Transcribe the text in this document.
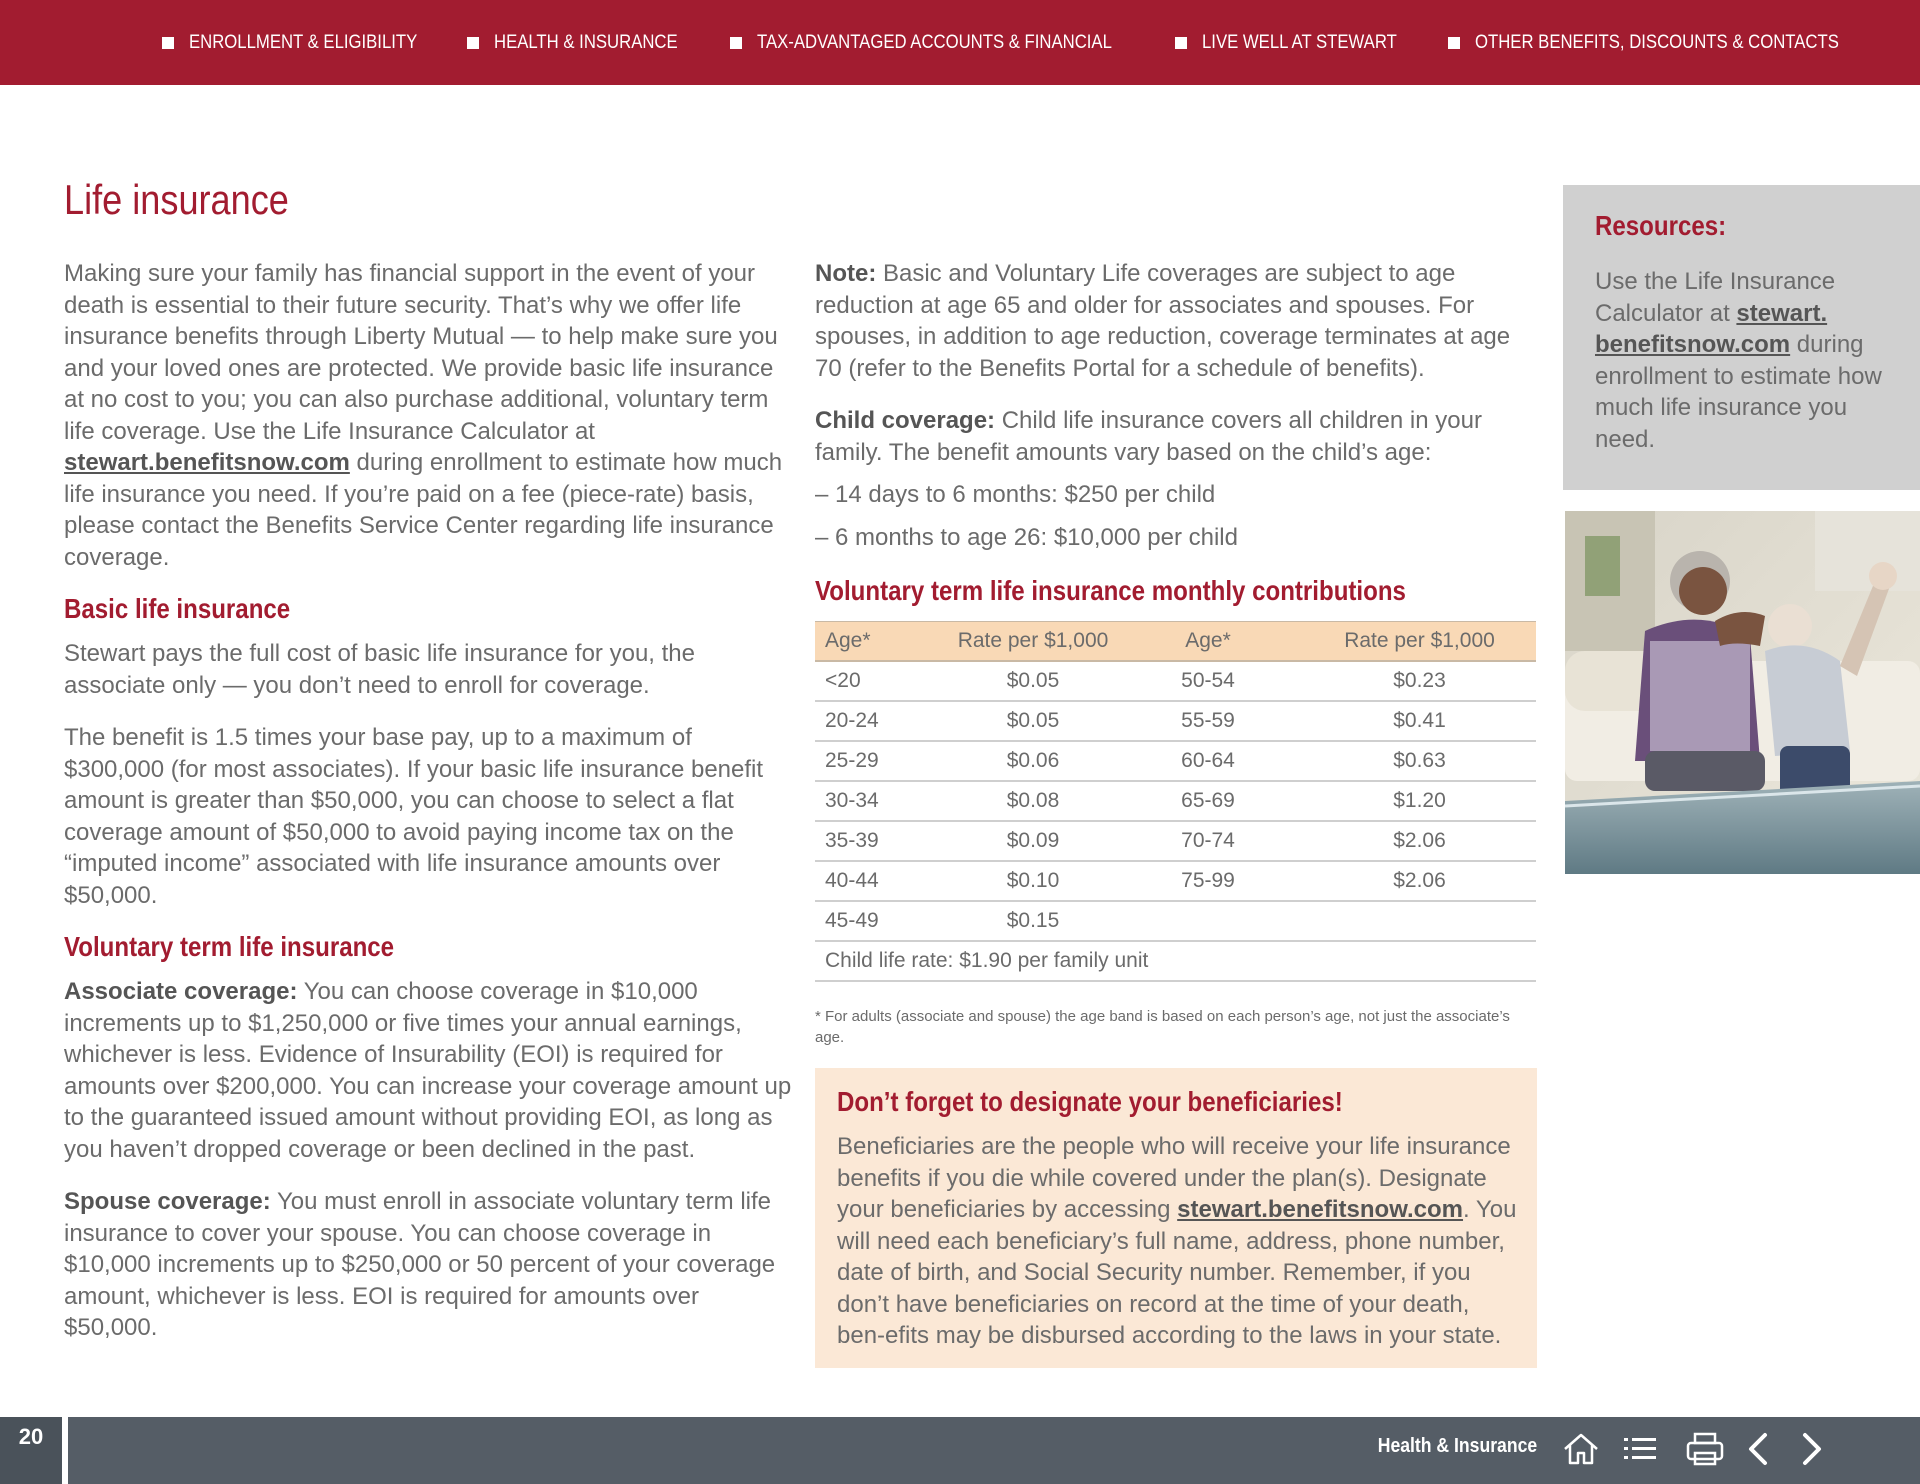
ENROLLMENT & ELIGIBILITY	HEALTH & INSURANCE	TAX-ADVANTAGED ACCOUNTS & FINANCIAL	LIVE WELL AT STEWART	OTHER BENEFITS, DISCOUNTS & CONTACTS
Life insurance

Making sure your family has financial support in the event of your death is essential to their future security. That’s why we offer life insurance benefits through Liberty Mutual — to help make sure you and your loved ones are protected. We provide basic life insurance at no cost to you; you can also purchase additional, voluntary term life coverage. Use the Life Insurance Calculator at stewart.benefitsnow.com during enrollment to estimate how much life insurance you need. If you’re paid on a fee (piece-rate) basis, please contact the Benefits Service Center regarding life insurance coverage.

Basic life insurance

Stewart pays the full cost of basic life insurance for you, the associate only — you don’t need to enroll for coverage.

The benefit is 1.5 times your base pay, up to a maximum of $300,000 (for most associates). If your basic life insurance benefit amount is greater than $50,000, you can choose to select a flat coverage amount of $50,000 to avoid paying income tax on the “imputed income” associated with life insurance amounts over $50,000.

Voluntary term life insurance

Associate coverage: You can choose coverage in $10,000 increments up to $1,250,000 or five times your annual earnings, whichever is less. Evidence of Insurability (EOI) is required for amounts over $200,000. You can increase your coverage amount up to the guaranteed issued amount without providing EOI, as long as you haven’t dropped coverage or been declined in the past.

Spouse coverage: You must enroll in associate voluntary term life insurance to cover your spouse. You can choose coverage in $10,000 increments up to $250,000 or 50 percent of your coverage amount, whichever is less. EOI is required for amounts over $50,000.

Note: Basic and Voluntary Life coverages are subject to age reduction at age 65 and older for associates and spouses. For spouses, in addition to age reduction, coverage terminates at age 70 (refer to the Benefits Portal for a schedule of benefits).

Child coverage: Child life insurance covers all children in your family. The benefit amounts vary based on the child’s age:

– 14 days to 6 months: $250 per child

– 6 months to age 26: $10,000 per child

Voluntary term life insurance monthly contributions
Age*	Rate per $1,000	Age*	Rate per $1,000
<20	$0.05	50-54	$0.23
20-24	$0.05	55-59	$0.41
25-29	$0.06	60-64	$0.63
30-34	$0.08	65-69	$1.20
35-39	$0.09	70-74	$2.06
40-44	$0.10	75-99	$2.06
45-49	$0.15		
Child life rate: $1.90 per family unit			
* For adults (associate and spouse) the age band is based on each person’s age, not just the associate’s age.
Don’t forget to designate your beneficiaries!
Beneficiaries are the people who will receive your life insurance benefits if you die while covered under the plan(s). Designate your beneficiaries by accessing stewart.benefitsnow.com. You will need each beneficiary’s full name, address, phone number, date of birth, and Social Security number. Remember, if you don’t have beneficiaries on record at the time of your death, ben-efits may be disbursed according to the laws in your state.
Resources:
Use the Life Insurance Calculator at stewart. benefitsnow.com during enrollment to estimate how much life insurance you need.
20	Health & Insurance
